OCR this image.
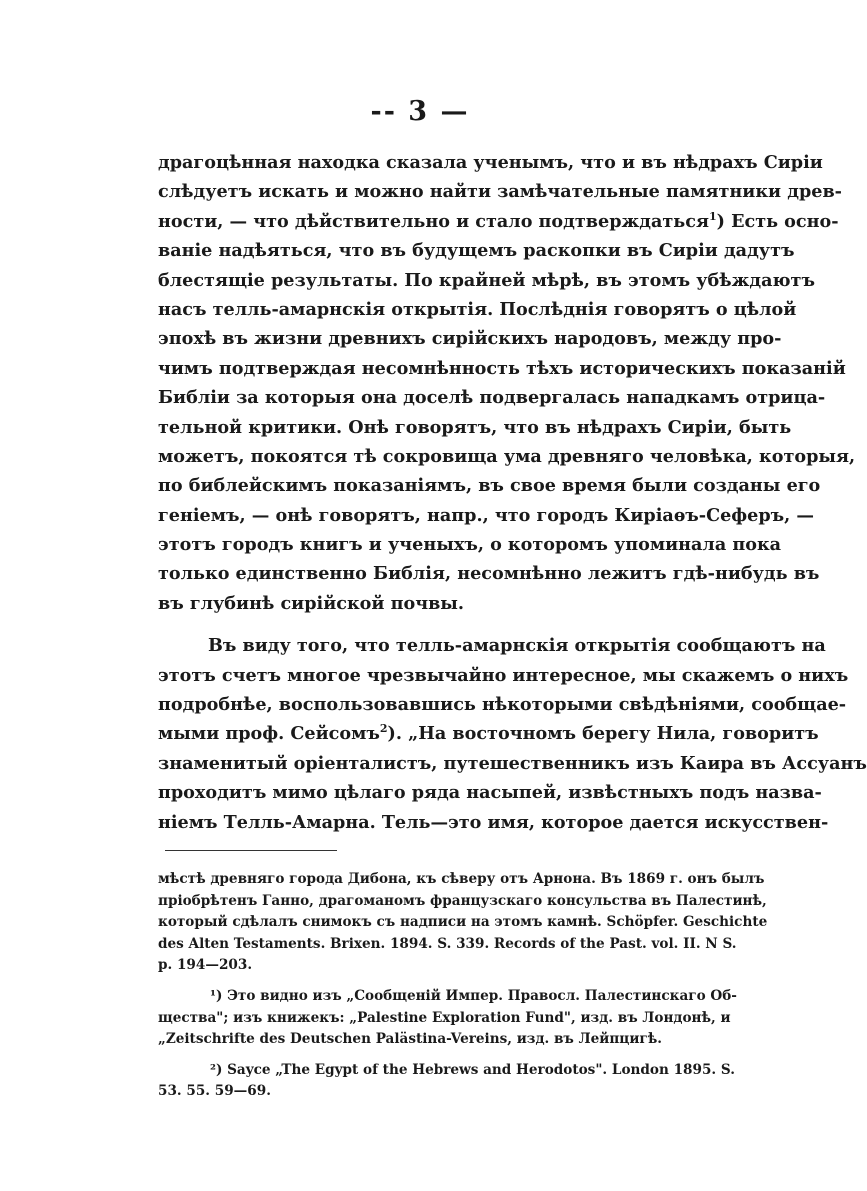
-- 3 —
драгоцѣнная находка сказала ученымъ, что и въ нѣдрахъ Сиріи
слѣдуетъ искать и можно найти замѣчательные памятники древ-
ности, — что дѣйствительно и стало подтверждаться$^1$) Есть осно-
ваніе надѣяться, что въ будущемъ раскопки въ Сиріи дадутъ
блестящіе результаты. По крайней мѣрѣ, въ этомъ убѣждаютъ
насъ телль-амарнскія открытія. Послѣднія говорятъ о цѣлой
эпохѣ въ жизни древнихъ сирійскихъ народовъ, между про-
чимъ подтверждая несомнѣнность тѣхъ историческихъ показаній
Библіи за которыя она доселѣ подвергалась нападкамъ отрица-
тельной критики. Онѣ говорятъ, что въ нѣдрахъ Сиріи, быть
можетъ, покоятся тѣ сокровища ума древняго человѣка, которыя,
по библейскимъ показаніямъ, въ свое время были созданы его
геніемъ, — онѣ говорятъ, напр., что городъ Киріаѳъ-Сеферъ, —
этотъ городъ книгъ и ученыхъ, о которомъ упоминала пока
только единственно Библія, несомнѣнно лежитъ гдѣ-нибудь въ
въ глубинѣ сирійской почвы.
Въ виду того, что телль-амарнскія открытія сообщаютъ на
этотъ счетъ многое чрезвычайно интересное, мы скажемъ о нихъ
подробнѣе, воспользовавшись нѣкоторыми свѣдѣніями, сообщае-
мыми проф. Сейсомъ$^2$). „На восточномъ берегу Нила, говоритъ
знаменитый оріенталистъ, путешественникъ изъ Каира въ Ассуанъ
проходитъ мимо цѣлаго ряда насыпей, извѣстныхъ подъ назва-
ніемъ Телль-Амарна. Тель—это имя, которое дается искусствен-
мѣстѣ древняго города Дибона, къ сѣверу отъ Арнона. Въ 1869 г. онъ былъ
пріобрѣтенъ Ганно, драгоманомъ французскаго консульства въ Палестинѣ,
который сдѣлалъ снимокъ съ надписи на этомъ камнѣ. Schöpfer. Geschichte
des Alten Testaments. Brixen. 1894. S. 339. Records of the Past. vol. II. N S.
p. 194—203.
¹) Это видно изъ „Сообщеній Импер. Правосл. Палестинскаго Об-
щества"; изъ книжекъ: „Palestine Exploration Fund", изд. въ Лондонѣ, и
„Zeitschrifte des Deutschen Palästina-Vereins, изд. въ Лейпцигѣ.
²) Sayce „The Egypt of the Hebrews and Herodotos". London 1895. S.
53. 55. 59—69.
